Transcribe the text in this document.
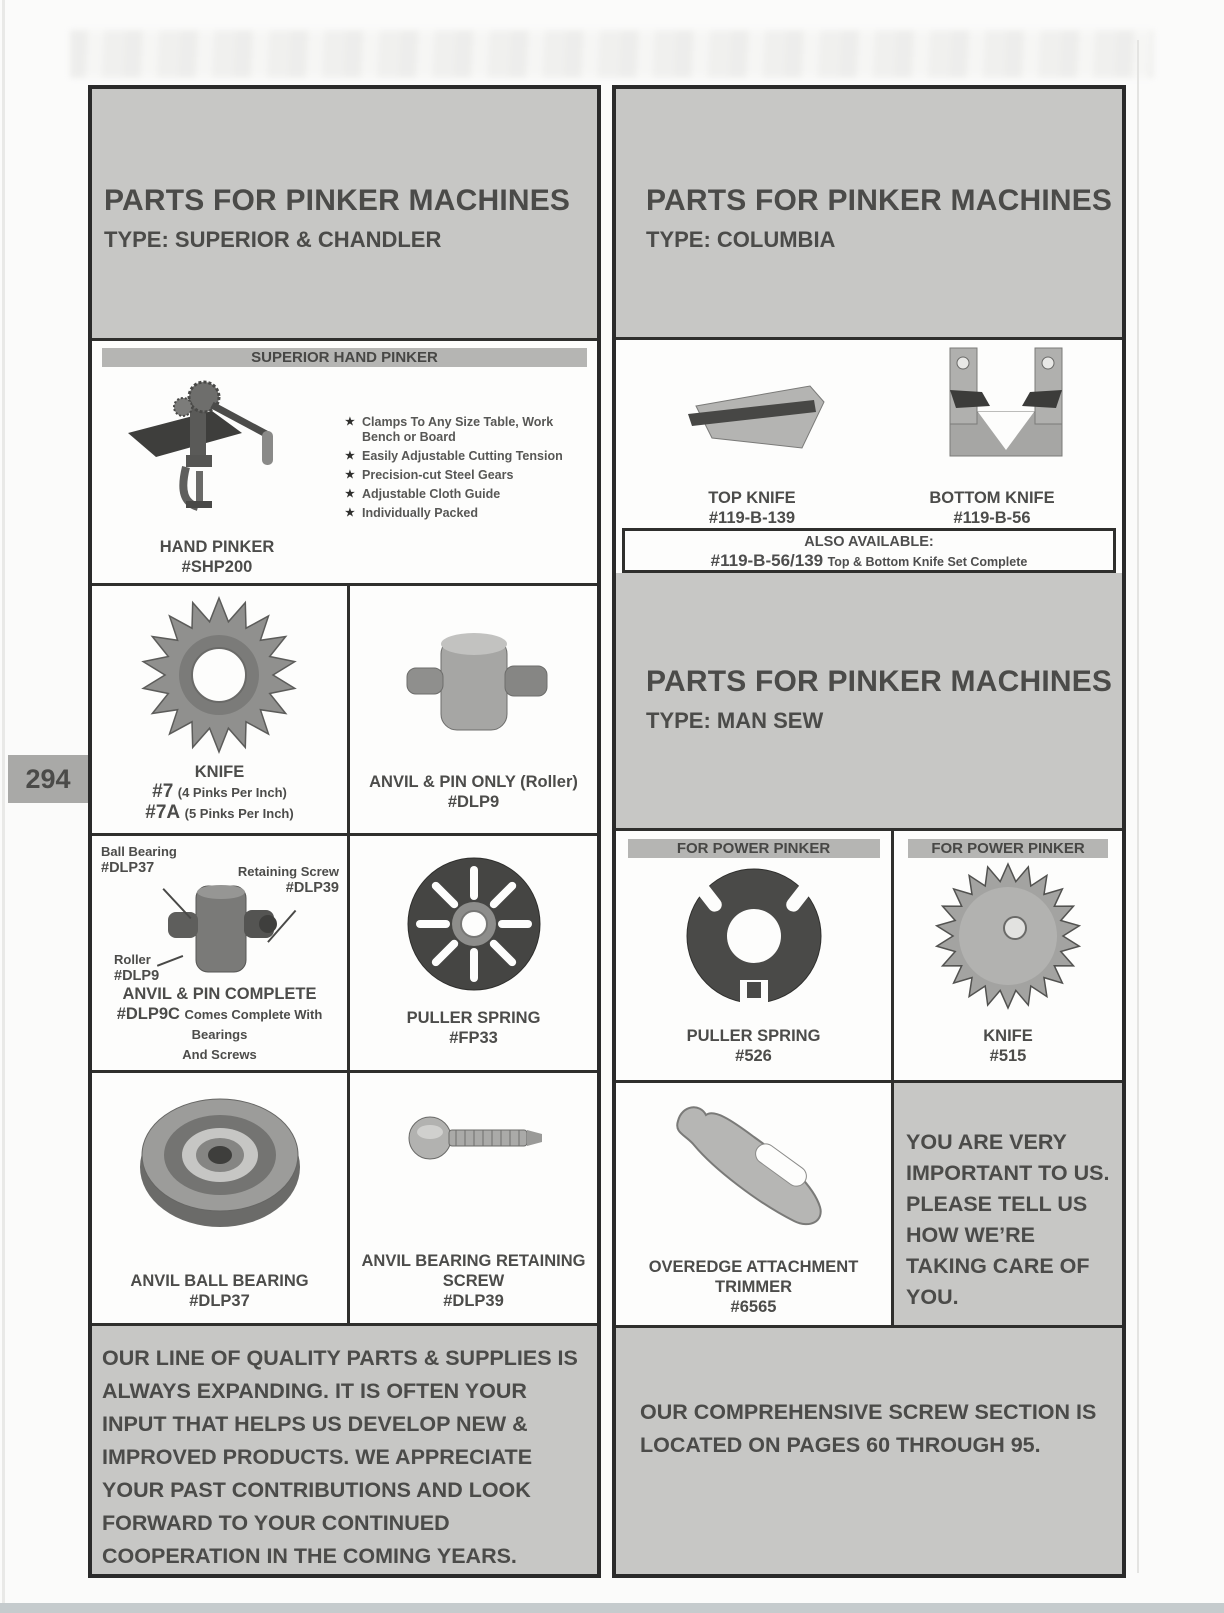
294
PARTS FOR PINKER MACHINES
TYPE: SUPERIOR & CHANDLER
SUPERIOR HAND PINKER
★ Clamps To Any Size Table, Work Bench or Board
★ Easily Adjustable Cutting Tension
★ Precision-cut Steel Gears
★ Adjustable Cloth Guide
★ Individually Packed
HAND PINKER
#SHP200
KNIFE
#7 (4 Pinks Per Inch)
#7A (5 Pinks Per Inch)
ANVIL & PIN ONLY (Roller)
#DLP9
Ball Bearing
#DLP37	Retaining Screw
#DLP39
Roller
#DLP9
ANVIL & PIN COMPLETE
#DLP9C Comes Complete With Bearings
And Screws
PULLER SPRING
#FP33
ANVIL BALL BEARING
#DLP37
ANVIL BEARING RETAINING
SCREW
#DLP39
OUR LINE OF QUALITY PARTS & SUPPLIES IS ALWAYS EXPANDING. IT IS OFTEN YOUR INPUT THAT HELPS US DEVELOP NEW & IMPROVED PRODUCTS. WE APPRECIATE YOUR PAST CONTRIBUTIONS AND LOOK FORWARD TO YOUR CONTINUED COOPERATION IN THE COMING YEARS.
PARTS FOR PINKER MACHINES
TYPE: COLUMBIA
TOP KNIFE
#119-B-139
BOTTOM KNIFE
#119-B-56
ALSO AVAILABLE:
#119-B-56/139 Top & Bottom Knife Set Complete
PARTS FOR PINKER MACHINES
TYPE: MAN SEW
FOR POWER PINKER
PULLER SPRING
#526
FOR POWER PINKER
KNIFE
#515
OVEREDGE ATTACHMENT
TRIMMER
#6565
YOU ARE VERY IMPORTANT TO US. PLEASE TELL US HOW WE’RE TAKING CARE OF YOU.
OUR COMPREHENSIVE SCREW SECTION IS LOCATED ON PAGES 60 THROUGH 95.
